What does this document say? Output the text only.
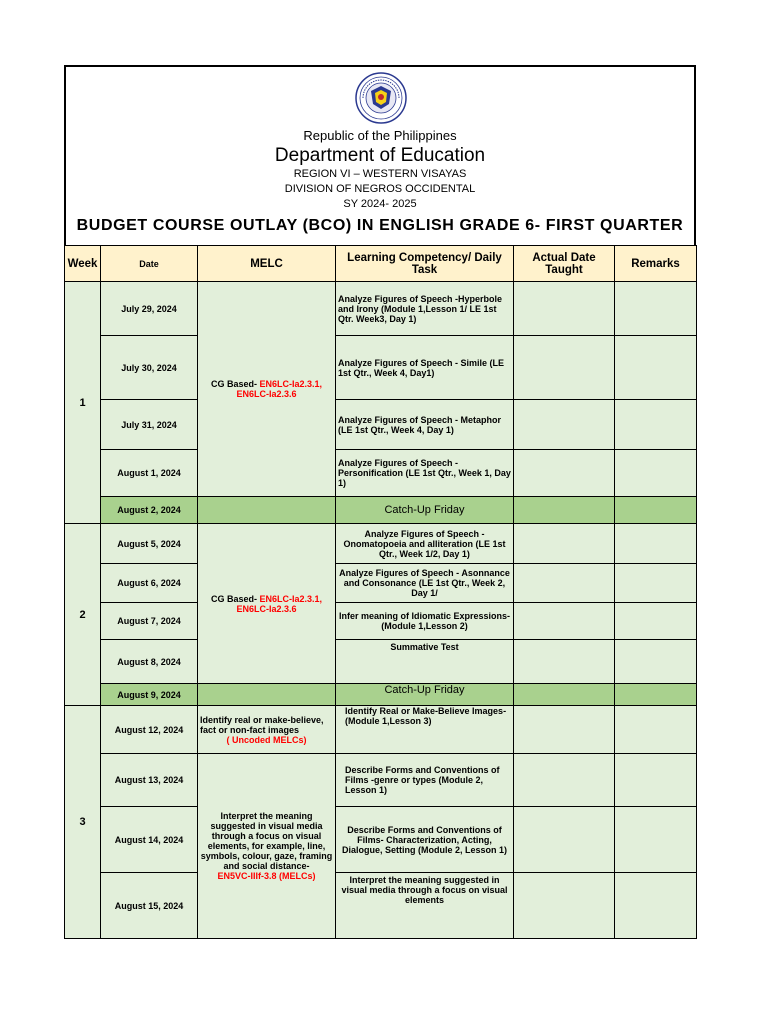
Republic of the Philippines
Department of Education
REGION VI – WESTERN VISAYAS
DIVISION OF NEGROS OCCIDENTAL
SY 2024- 2025
BUDGET COURSE OUTLAY (BCO) IN ENGLISH GRADE 6- FIRST QUARTER
Week	Date	MELC	Learning Competency/ Daily Task	Actual Date Taught	Remarks
1	July 29, 2024	CG Based- EN6LC-Ia2.3.1,
EN6LC-Ia2.3.6	Analyze Figures of Speech -Hyperbole and Irony (Module 1,Lesson 1/ LE 1st Qtr. Week3, Day 1)		
	July 30, 2024		Analyze Figures of Speech - Simile (LE 1st Qtr., Week 4, Day1)		
	July 31, 2024		Analyze Figures of Speech - Metaphor (LE 1st Qtr., Week 4, Day 1)		
	August 1, 2024		Analyze Figures of Speech - Personification (LE 1st Qtr., Week 1, Day 1)		
	August 2, 2024		Catch-Up Friday		
2	August 5, 2024	CG Based- EN6LC-Ia2.3.1,
EN6LC-Ia2.3.6	Analyze Figures of Speech - Onomatopoeia and alliteration (LE 1st Qtr., Week 1/2, Day 1)		
	August 6, 2024		Analyze Figures of Speech - Asonnance and Consonance (LE 1st Qtr., Week 2, Day 1/		
	August 7, 2024		Infer meaning of Idiomatic Expressions-(Module 1,Lesson 2)		
	August 8, 2024		Summative Test		
	August 9, 2024		Catch-Up Friday		
3	August 12, 2024	Identify real or make-believe, fact or non-fact images

( Uncoded MELCs)	Identify Real or Make-Believe Images-(Module 1,Lesson 3)		
	August 13, 2024	Interpret the meaning suggested in visual media through a focus on visual elements, for example, line, symbols, colour, gaze, framing and social distance-
EN5VC-IIIf-3.8 (MELCs)	Describe Forms and Conventions of Films -genre or types (Module 2, Lesson 1)		
	August 14, 2024		Describe Forms and Conventions of Films- Characterization, Acting, Dialogue, Setting (Module 2, Lesson 1)		
	August 15, 2024		Interpret the meaning suggested in visual media through a focus on visual elements		
